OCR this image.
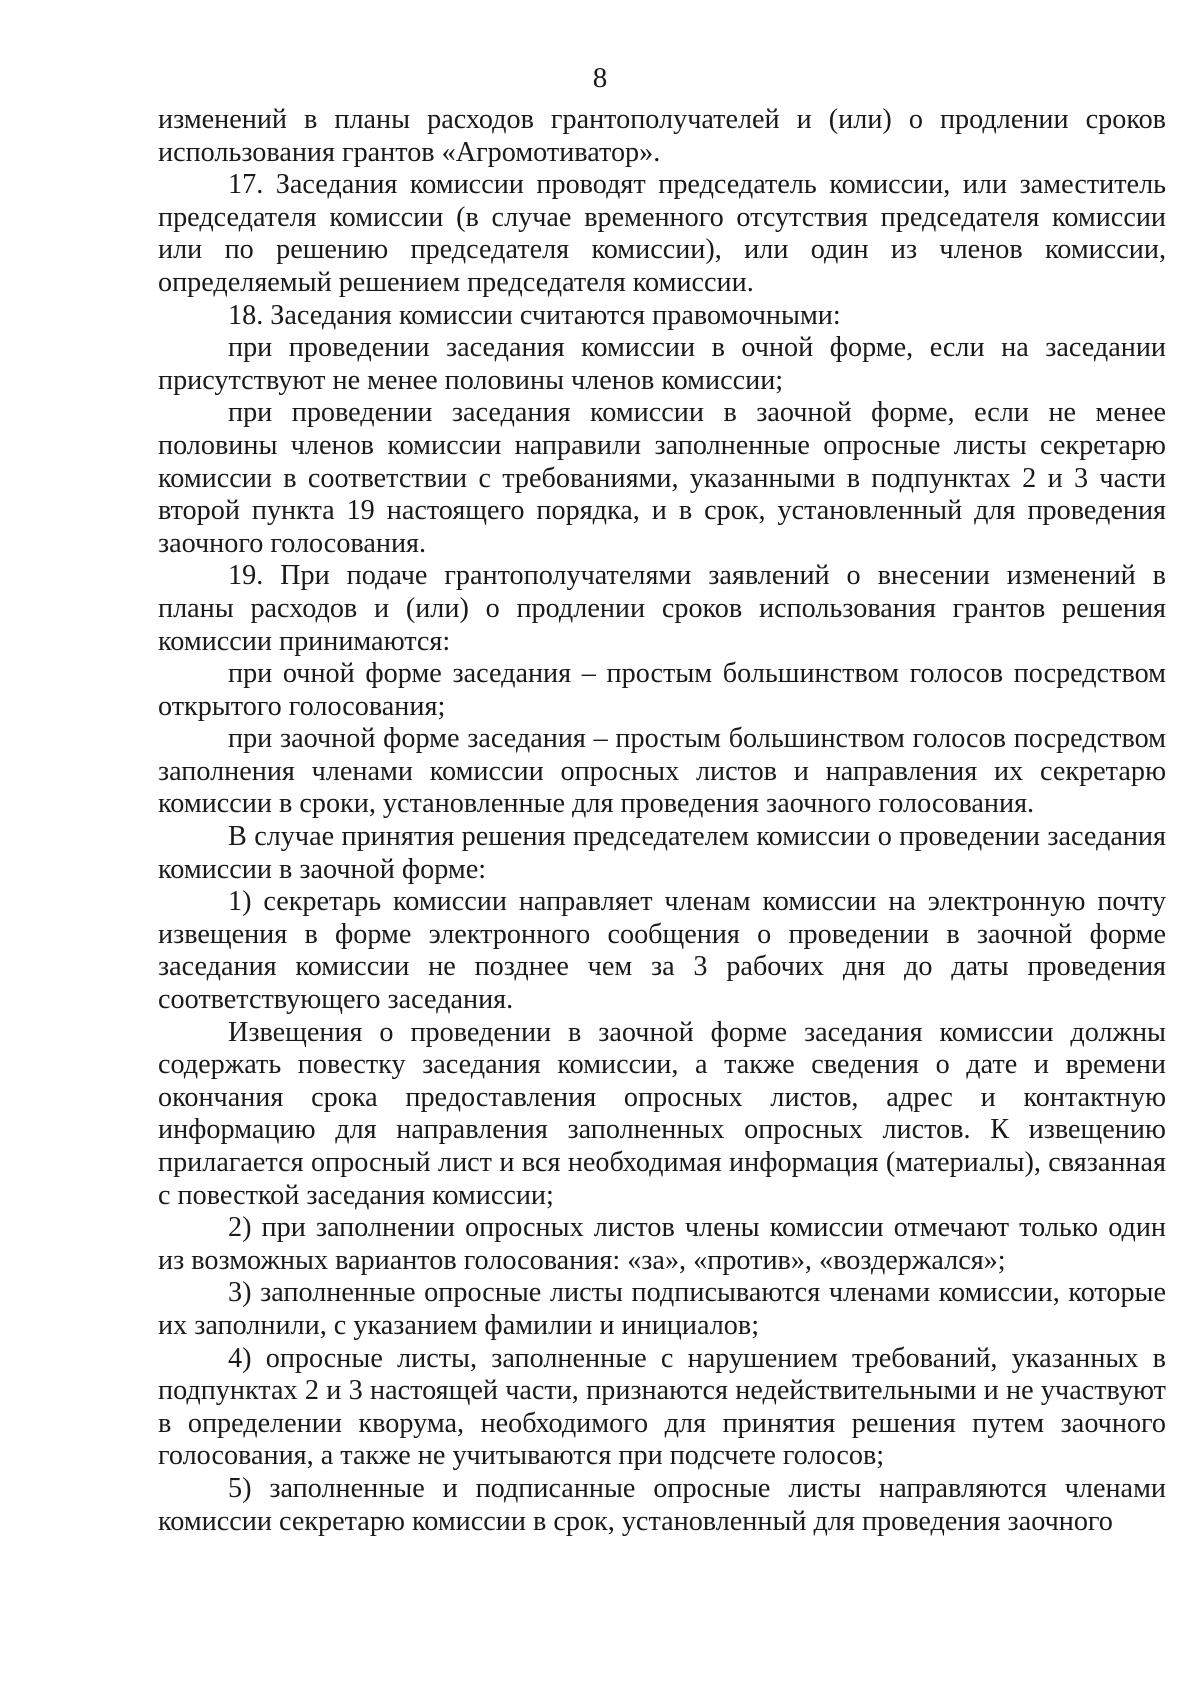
8

изменений в планы расходов грантополучателей и (или) о продлении сроков использования грантов «Агромотиватор».

17. Заседания комиссии проводят председатель комиссии, или заместитель председателя комиссии (в случае временного отсутствия председателя комиссии или по решению председателя комиссии), или один из членов комиссии, определяемый решением председателя комиссии.

18. Заседания комиссии считаются правомочными:

при проведении заседания комиссии в очной форме, если на заседании присутствуют не менее половины членов комиссии;

при проведении заседания комиссии в заочной форме, если не менее половины членов комиссии направили заполненные опросные листы секретарю комиссии в соответствии с требованиями, указанными в подпунктах 2 и 3 части второй пункта 19 настоящего порядка, и в срок, установленный для проведения заочного голосования.

19. При подаче грантополучателями заявлений о внесении изменений в планы расходов и (или) о продлении сроков использования грантов решения комиссии принимаются:

при очной форме заседания – простым большинством голосов посредством открытого голосования;

при заочной форме заседания – простым большинством голосов посредством заполнения членами комиссии опросных листов и направления их секретарю комиссии в сроки, установленные для проведения заочного голосования.

В случае принятия решения председателем комиссии о проведении заседания комиссии в заочной форме:

1) секретарь комиссии направляет членам комиссии на электронную почту извещения в форме электронного сообщения о проведении в заочной форме заседания комиссии не позднее чем за 3 рабочих дня до даты проведения соответствующего заседания.

Извещения о проведении в заочной форме заседания комиссии должны содержать повестку заседания комиссии, а также сведения о дате и времени окончания срока предоставления опросных листов, адрес и контактную информацию для направления заполненных опросных листов. К извещению прилагается опросный лист и вся необходимая информация (материалы), связанная с повесткой заседания комиссии;

2) при заполнении опросных листов члены комиссии отмечают только один из возможных вариантов голосования: «за», «против», «воздержался»;

3) заполненные опросные листы подписываются членами комиссии, которые их заполнили, с указанием фамилии и инициалов;

4) опросные листы, заполненные с нарушением требований, указанных в подпунктах 2 и 3 настоящей части, признаются недействительными и не участвуют в определении кворума, необходимого для принятия решения путем заочного голосования, а также не учитываются при подсчете голосов;

5) заполненные и подписанные опросные листы направляются членами комиссии секретарю комиссии в срок, установленный для проведения заочного
